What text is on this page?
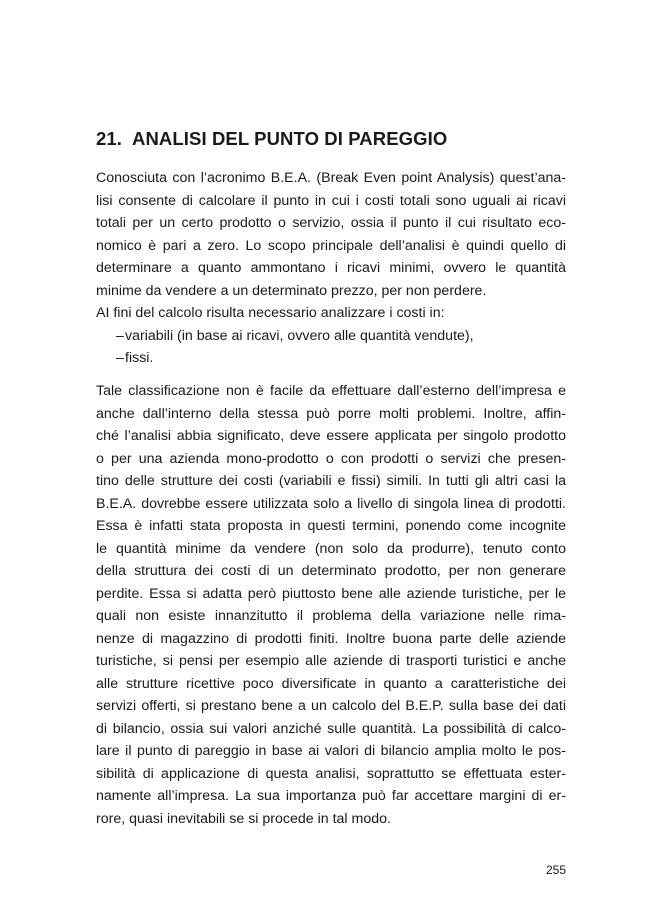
21. ANALISI DEL PUNTO DI PAREGGIO
Conosciuta con l’acronimo B.E.A. (Break Even point Analysis) quest’ana-
lisi consente di calcolare il punto in cui i costi totali sono uguali ai ricavi
totali per un certo prodotto o servizio, ossia il punto il cui risultato eco-
nomico è pari a zero. Lo scopo principale dell’analisi è quindi quello di
determinare a quanto ammontano i ricavi minimi, ovvero le quantità
minime da vendere a un determinato prezzo, per non perdere.
AI fini del calcolo risulta necessario analizzare i costi in:
– variabili (in base ai ricavi, ovvero alle quantità vendute),
– fissi.
Tale classificazione non è facile da effettuare dall’esterno dell’impresa e
anche dall’interno della stessa può porre molti problemi. Inoltre, affin-
ché l’analisi abbia significato, deve essere applicata per singolo prodotto
o per una azienda mono-prodotto o con prodotti o servizi che presen-
tino delle strutture dei costi (variabili e fissi) simili. In tutti gli altri casi la
B.E.A. dovrebbe essere utilizzata solo a livello di singola linea di prodotti.
Essa è infatti stata proposta in questi termini, ponendo come incognite
le quantità minime da vendere (non solo da produrre), tenuto conto
della struttura dei costi di un determinato prodotto, per non generare
perdite. Essa si adatta però piuttosto bene alle aziende turistiche, per le
quali non esiste innanzitutto il problema della variazione nelle rima-
nenze di magazzino di prodotti finiti. Inoltre buona parte delle aziende
turistiche, si pensi per esempio alle aziende di trasporti turistici e anche
alle strutture ricettive poco diversificate in quanto a caratteristiche dei
servizi offerti, si prestano bene a un calcolo del B.E.P. sulla base dei dati
di bilancio, ossia sui valori anziché sulle quantità. La possibilità di calco-
lare il punto di pareggio in base ai valori di bilancio amplia molto le pos-
sibilità di applicazione di questa analisi, soprattutto se effettuata ester-
namente all’impresa. La sua importanza può far accettare margini di er-
rore, quasi inevitabili se si procede in tal modo.
255
